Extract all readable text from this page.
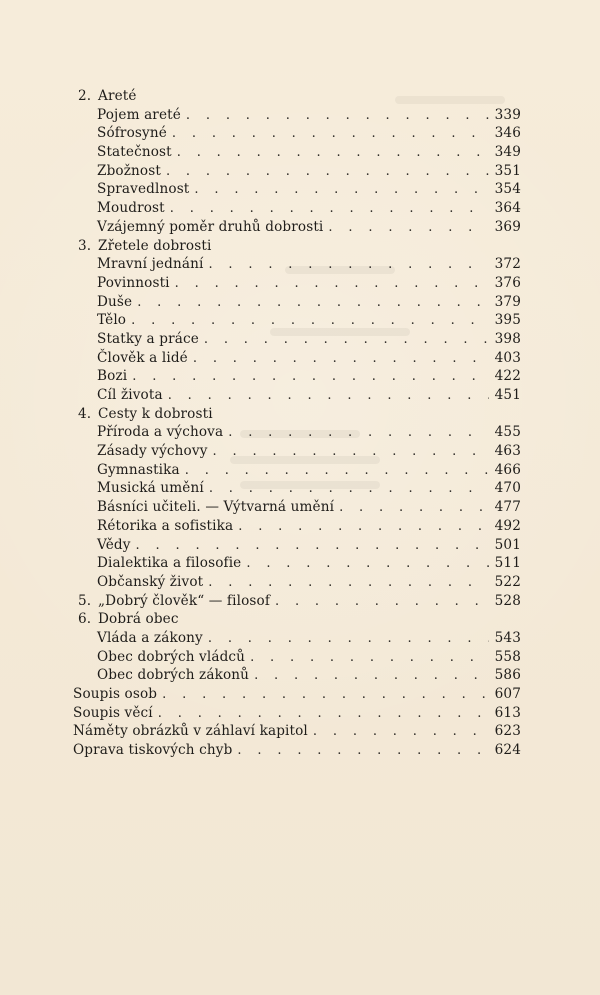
2. Areté
Pojem areté . . .	339
Sófrosyné . . .	346
Statečnost . . .	349
Zbožnost . . .	351
Spravedlnost . . .	354
Moudrost . . .	364
Vzájemný poměr druhů dobrosti . . .	369
3. Zřetele dobrosti
Mravní jednání . . .	372
Povinnosti . . .	376
Duše . . .	379
Tělo . . .	395
Statky a práce . . .	398
Člověk a lidé . . .	403
Bozi . . .	422
Cíl života . . .	451
4. Cesty k dobrosti
Příroda a výchova . . .	455
Zásady výchovy . . .	463
Gymnastika . . .	466
Musická umění . . .	470
Básníci učiteli. — Výtvarná umění . . .	477
Rétorika a sofistika . . .	492
Vědy . . .	501
Dialektika a filosofie . . .	511
Občanský život . . .	522
5. „Dobrý člověk“ — filosof . . .	528
6. Dobrá obec
Vláda a zákony . . .	543
Obec dobrých vládců . . .	558
Obec dobrých zákonů . . .	586
Soupis osob . . .	607
Soupis věcí . . .	613
Náměty obrázků v záhlaví kapitol . . .	623
Oprava tiskových chyb . . .	624
